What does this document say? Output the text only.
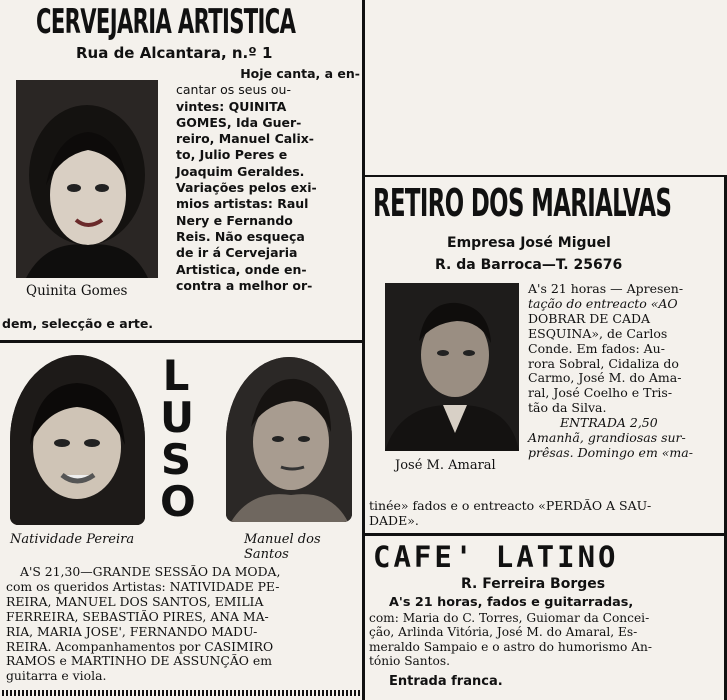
CERVEJARIA ARTISTICA
Rua de Alcantara, n.º 1
Quinita Gomes
Hoje canta, a en-
cantar os seus ou-
vintes: QUINITA
GOMES, Ida Guer-
reiro, Manuel Calix-
to, Julio Peres e
Joaquim Geraldes.
Variações pelos exi-
mios artistas: Raul
Nery e Fernando
Reis. Não esqueça
de ir á Cervejaria
Artistica, onde en-
contra a melhor or-
dem, selecção e arte.
Natividade Pereira
L
U
S
O
Manuel dos Santos
A'S 21,30—GRANDE SESSÃO DA MODA,
com os queridos Artistas: NATIVIDADE PE-
REIRA, MANUEL DOS SANTOS, EMILIA
FERREIRA, SEBASTIÃO PIRES, ANA MA-
RIA, MARIA JOSE', FERNANDO MADU-
REIRA. Acompanhamentos por CASIMIRO
RAMOS e MARTINHO DE ASSUNÇÃO em
guitarra e viola.
RETIRO DOS MARIALVAS
Empresa José Miguel
R. da Barroca—T. 25676
José M. Amaral
A's 21 horas — Apresen-
tação do entreacto «AO
DOBRAR DE CADA
ESQUINA», de Carlos
Conde. Em fados: Au-
rora Sobral, Cidaliza do
Carmo, José M. do Ama-
ral, José Coelho e Tris-
tão da Silva.
ENTRADA 2,50
Amanhã, grandiosas sur-
prêsas. Domingo em «ma-
tinée» fados e o entreacto «PERDÃO A SAU-
DADE».
CAFE' LATINO
R. Ferreira Borges
A's 21 horas, fados e guitarradas,
com: Maria do C. Torres, Guiomar da Concei-
ção, Arlinda Vitória, José M. do Amaral, Es-
meraldo Sampaio e o astro do humorismo An-
tónio Santos.
Entrada franca.
